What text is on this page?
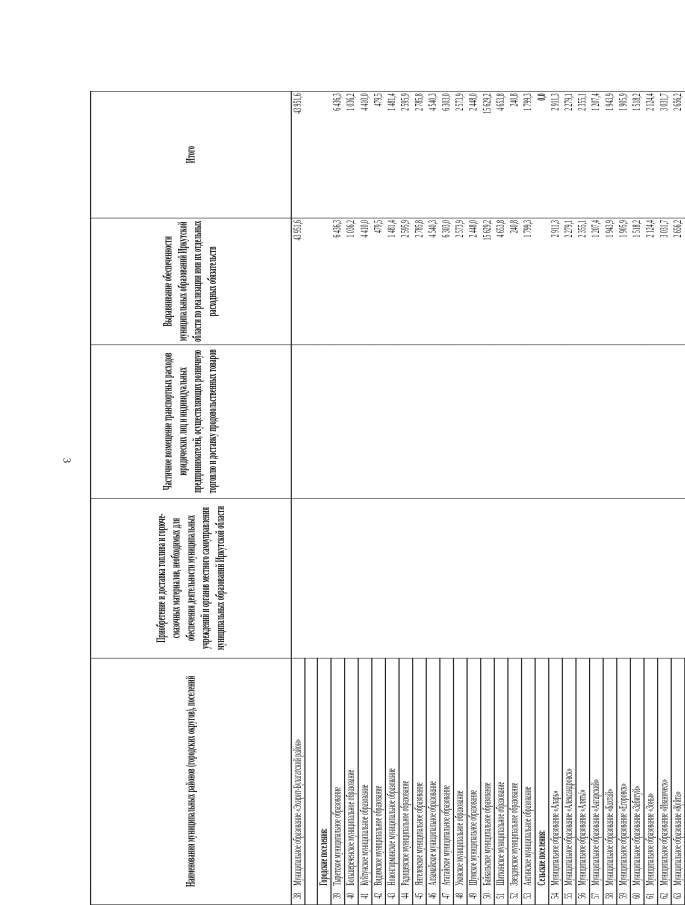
3
Наименования муниципальных районов (городских округов), поселений		Приобретение и доставка топлива и горюче-смазочных материалов, необходимых для обеспечения деятельности муниципальных учреждений и органов местного самоуправления муниципальных образований Иркутской области	Частичное возмещение транспортных расходов юридических лиц и индивидуальных предпринимателей, осуществляющих розничную торговлю и доставку продовольственных товаров	Выравнивание обеспеченности муниципальных образований Иркутской области по реализации ими их отдельных расходных обязательств	Итого
38	Муниципальное образование «Эхирит-Булагатский район»			43 951,6	43 951,6

	Городские поселения:				
39	Тыретское муниципальное образование			6 436,3	6 436,3
40	Большереченское муниципальное образование			1 036,2	1 036,2
41	Куйтунское муниципальное образование			4 410,0	4 410,0
42	Видимское муниципальное образование			479,5	479,5
43	Новонгирминское муниципальное образование			1 481,4	1 481,4
44	Радищевское муниципальное образование			2 595,9	2 595,9
45	Янгелевское муниципальное образование			2 785,8	2 785,8
46	Алзамайское муниципальное образование			4 540,3	4 540,3
47	Атагайское муниципальное образование			6 303,0	6 303,0
48	Уковское муниципальное образование			2 573,9	2 573,9
49	Шумское муниципальное образование			2 448,0	2 448,0
50	Байкальское муниципальное образование			15 629,2	15 629,2
51	Шиткинское муниципальное образование			4 653,8	4 653,8
52	Звездинское муниципальное образование			240,8	240,8
53	Ангинское муниципальное образование			1 799,3	1 799,3
	Сельские поселения:				0,0
54	Муниципальное образование «Аларь»			2 911,3	2 911,3
55	Муниципальное образование «Александровск»			2 279,1	2 279,1
56	Муниципальное образование «Алятьі»			2 355,1	2 355,1
57	Муниципальное образование «Ангарский»			1 207,4	1 207,4
58	Муниципальное образование «Бахтай»			1 943,9	1 943,9
59	Муниципальное образование «Егоровск»			1 905,9	1 905,9
60	Муниципальное образование «Забитуй»			1 518,2	1 518,2
61	Муниципальное образование «Зоны»			2 124,4	2 124,4
62	Муниципальное образование «Иваническ»			3 031,7	3 031,7
63	Муниципальное образование «Куйта»			2 656,2	2 656,2
